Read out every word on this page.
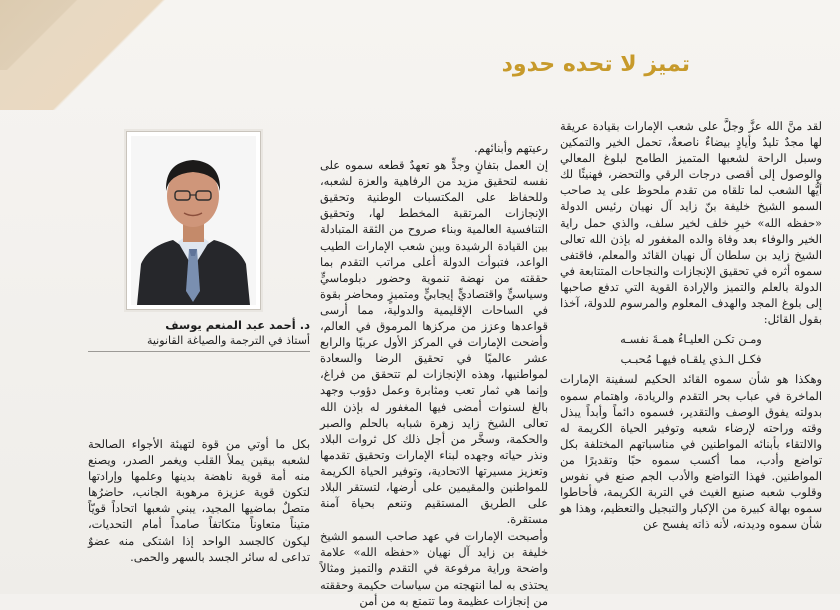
تميز لا تحده حدود

لقد منَّ الله عزَّ وجلَّ على شعب الإمارات بقيادة عريقة لها مجدٌ تليدٌ وأيادٍ بيضاءٌ ناصعةٌ، تحمل الخير والتمكين وسبل الراحة لشعبها المتميز الطامح لبلوغ المعالي والوصول إلى أقصى درجات الرقي والتحضر، فهنيئًا لك أيُّها الشعب لما تلقاه من تقدم ملحوظ على يد صاحب السمو الشيخ خليفة بنّ زايد آل نهيان رئيس الدولة «حفظه الله» خيرِ خلف لخير سلف، والذي حمل راية الخير والوفاء بعد وفاة والده المغفور له بإذن الله تعالى الشيخ زايد بن سلطان آل نهيان القائد والمعلم، فاقتفى سموه أثره في تحقيق الإنجازات والنجاحات المتتابعة في الدولة بالعلم والتميز والإرادة القوية التي تدفع صاحبها إلى بلوغ المجد والهدف المعلوم والمرسوم للدولة، آخذا بقول القائل:

ومـن تكـن العليـاءُ همـةَ نفسـه

فكـل الـذي يلقـاه فيهـا مُحبـب

وهكذا هو شأن سموه القائد الحكيم لسفينة الإمارات الماخرة في عباب بحر التقدم والريادة، واهتمام سموه بدولته يفوق الوصف والتقدير، فسموه دائماً وأبداً يبذل وقته وراحته لإرضاء شعبه وتوفير الحياة الكريمة له والالتقاء بأبنائه المواطنين في مناسباتهم المختلفة بكل تواضع وأدب، مما أكسب سموه حبًا وتقديرًا من المواطنين. فهذا التواضع والأدب الجم صنع في نفوس وقلوب شعبه صنيع الغيث في التربة الكريمة، فأحاطوا سموه بهالة كبيرة من الإكبار والتبجيل والتعظيم، وهذا هو شأن سموه وديدنه، لأنه ذاته يفسح عن

رعيتهم وأبنائهم.

إن العمل بتفانٍ وجدٍّ هو تعهدٌ قطعه سموه على نفسه لتحقيق مزيد من الرفاهية والعزة لشعبه، وللحفاظ على المكتسبات الوطنية وتحقيق الإنجازات المرتقبة المخطط لها، وتحقيق التنافسية العالمية وبناء صروح من الثقة المتبادلة بين القيادة الرشيدة وبين شعب الإمارات الطيب الواعد، فتبوأت الدولة أعلى مراتب التقدم بما حققته من نهضة تنموية وحضور دبلوماسيٍّ وسياسيٍّ واقتصاديٍّ إيجابيٍّ ومتميزٍ ومحاضر بقوة في الساحات الإقليمية والدولية، مما أرسى قواعدها وعزز من مركزها المرموق في العالم، وأضحت الإمارات في المركز الأول عربيًا والرابع عشر عالميًا في تحقيق الرضا والسعادة لمواطنيها، وهذه الإنجازات لم تتحقق من فراغ، وإنما هي ثمار تعب ومثابرة وعمل دؤوب وجهد بالغ لسنوات أمضى فيها المغفور له بإذن الله تعالى الشيخ زايد زهرة شبابه بالحلم والصبر والحكمة، وسخَّر من أجل ذلك كل ثروات البلاد ونذر حياته وجهده لبناء الإمارات وتحقيق تقدمها وتعزيز مسيرتها الاتحادية، وتوفير الحياة الكريمة للمواطنين والمقيمين على أرضها، لتستقر البلاد على الطريق المستقيم وتنعم بحياة آمنة مستقرة.

وأصبحت الإمارات في عهد صاحب السمو الشيخ خليفة بن زايد آل نهيان «حفظه الله» علامة واضحة وراية مرفوعة في التقدم والتميز ومثالاً يحتذى به لما انتهجته من سياسات حكيمة وحققته من إنجازات عظيمة وما تتمتع به من أمن

د. أحمد عبد المنعم يوسف
أستاذ في الترجمة والصياغة القانونية

بكل ما أوتي من قوة لتهيئة الأجواء الصالحة لشعبه بيقين يملأ القلب ويغمر الصدر، ويصنع منه أمة قوية ناهضة بدينها وعلمها وإرادتها لتكون قوية عزيزة مرهوبة الجانب، حاضرُها متصلٌ بماضيها المجيد، يبني شعبها اتحاداً قويّاً متيناً متعاوناً متكاتفاً صامداً أمام التحديات، ليكون كالجسد الواحد إذا اشتكى منه عضوٌ تداعى له سائر الجسد بالسهر والحمى.
